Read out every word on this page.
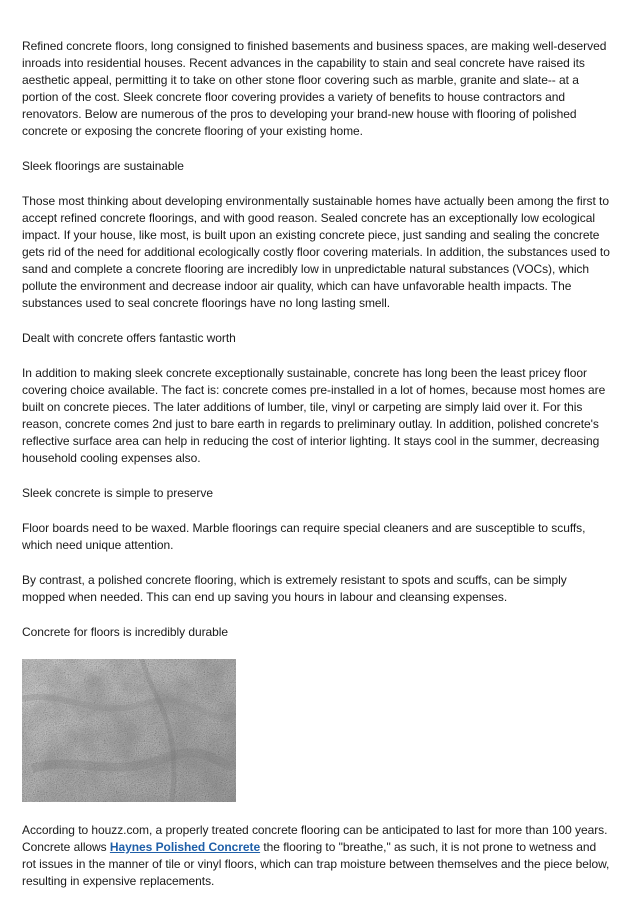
Refined concrete floors, long consigned to finished basements and business spaces, are making well-deserved inroads into residential houses. Recent advances in the capability to stain and seal concrete have raised its aesthetic appeal, permitting it to take on other stone floor covering such as marble, granite and slate-- at a portion of the cost. Sleek concrete floor covering provides a variety of benefits to house contractors and renovators. Below are numerous of the pros to developing your brand-new house with flooring of polished concrete or exposing the concrete flooring of your existing home.

Sleek floorings are sustainable

Those most thinking about developing environmentally sustainable homes have actually been among the first to accept refined concrete floorings, and with good reason. Sealed concrete has an exceptionally low ecological impact. If your house, like most, is built upon an existing concrete piece, just sanding and sealing the concrete gets rid of the need for additional ecologically costly floor covering materials. In addition, the substances used to sand and complete a concrete flooring are incredibly low in unpredictable natural substances (VOCs), which pollute the environment and decrease indoor air quality, which can have unfavorable health impacts. The substances used to seal concrete floorings have no long lasting smell.

Dealt with concrete offers fantastic worth

In addition to making sleek concrete exceptionally sustainable, concrete has long been the least pricey floor covering choice available. The fact is: concrete comes pre-installed in a lot of homes, because most homes are built on concrete pieces. The later additions of lumber, tile, vinyl or carpeting are simply laid over it. For this reason, concrete comes 2nd just to bare earth in regards to preliminary outlay. In addition, polished concrete's reflective surface area can help in reducing the cost of interior lighting. It stays cool in the summer, decreasing household cooling expenses also.

Sleek concrete is simple to preserve

Floor boards need to be waxed. Marble floorings can require special cleaners and are susceptible to scuffs, which need unique attention.

By contrast, a polished concrete flooring, which is extremely resistant to spots and scuffs, can be simply mopped when needed. This can end up saving you hours in labour and cleansing expenses.

Concrete for floors is incredibly durable

According to houzz.com, a properly treated concrete flooring can be anticipated to last for more than 100 years. Concrete allows Haynes Polished Concrete the flooring to "breathe," as such, it is not prone to wetness and rot issues in the manner of tile or vinyl floors, which can trap moisture between themselves and the piece below, resulting in expensive replacements.
